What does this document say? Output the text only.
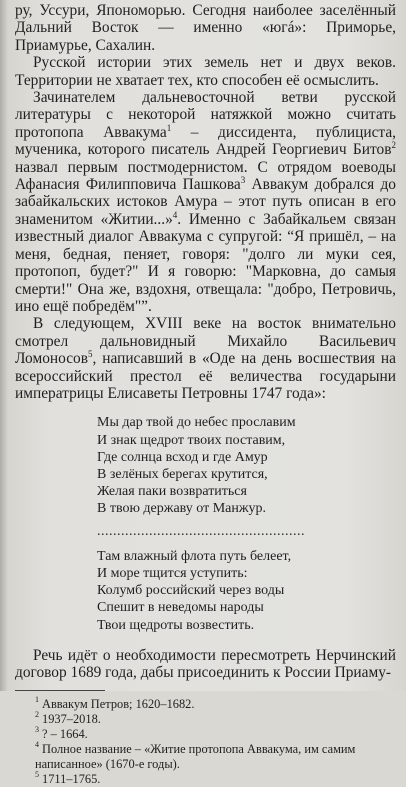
ру, Уссури, Япономорью. Сегодня наиболее заселённый Дальний Восток — именно «югá»: Приморье, Приамурье, Сахалин.

Русской истории этих земель нет и двух веков. Территории не хватает тех, кто способен её осмыслить.

Зачинателем дальневосточной ветви русской литературы с некоторой натяжкой можно считать протопопа Аввакума$^1$ – диссидента, публициста, мученика, которого писатель Андрей Георгиевич Битов$^2$ назвал первым постмодернистом. С отрядом воеводы Афанасия Филипповича Пашкова$^3$ Аввакум добрался до забайкальских истоков Амура – этот путь описан в его знаменитом «Житии...»$^4$. Именно с Забайкальем связан известный диалог Аввакума с супругой: “Я пришёл, – на меня, бедная, пеняет, говоря: "долго ли муки сея, протопоп, будет?" И я говорю: "Марковна, до самыя смерти!" Она же, вздохня, отвещала: "добро, Петровичь, ино ещё побредём"”.

В следующем, XVIII веке на восток внимательно смотрел дальновидный Михайло Васильевич Ломоносов$^5$, написавший в «Оде на день восшествия на всероссийский престол её величества государыни императрицы Елисаветы Петровны 1747 года»:

Мы дар твой до небес прославим
И знак щедрот твоих поставим,
Где солнца всход и где Амур
В зелёных берегах крутится,
Желая паки возвратиться
В твою державу от Манжур.
....................................................
Там влажный флота путь белеет,
И море тщится уступить:
Колумб российский через воды
Спешит в неведомы народы
Твои щедроты возвестить.

Речь идёт о необходимости пересмотреть Нерчинский договор 1689 года, дабы присоединить к России Приаму-

$^1$ Аввакум Петров; 1620–1682.
$^2$ 1937–2018.
$^3$ ? – 1664.
$^4$ Полное название – «Житие протопопа Аввакума, им самим написанное» (1670-е годы).
$^5$ 1711–1765.
